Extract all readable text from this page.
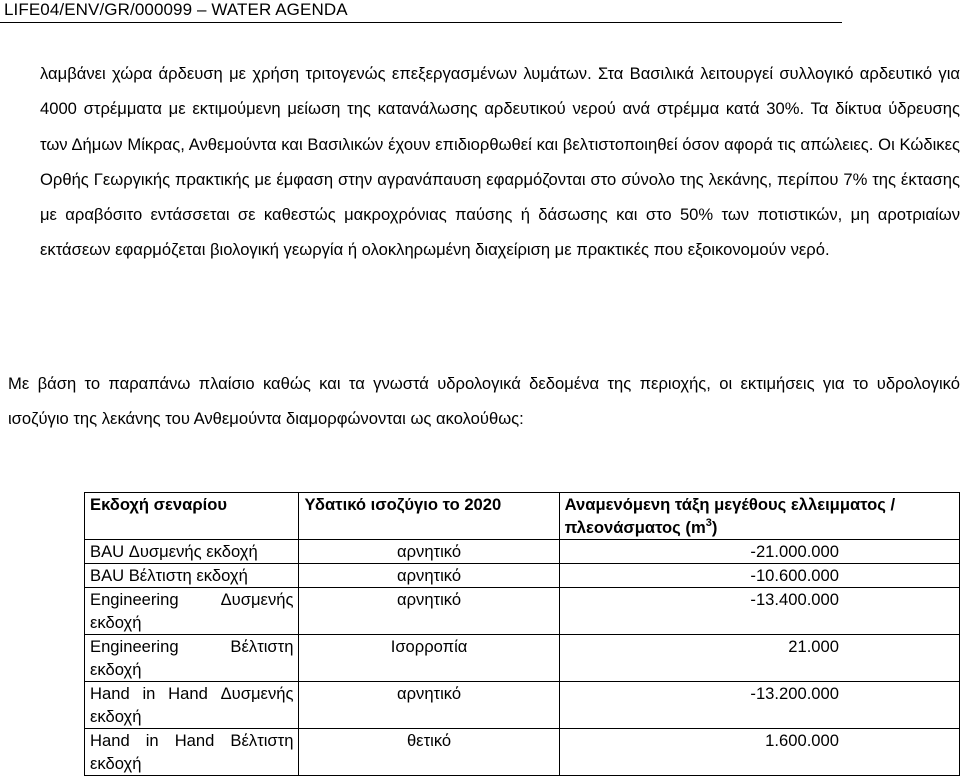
LIFE04/ENV/GR/000099 – WATER AGENDA

λαμβάνει χώρα άρδευση με χρήση τριτογενώς επεξεργασμένων λυμάτων. Στα Βασιλικά λειτουργεί συλλογικό αρδευτικό για 4000 στρέμματα με εκτιμούμενη μείωση της κατανάλωσης αρδευτικού νερού ανά στρέμμα κατά 30%. Τα δίκτυα ύδρευσης των Δήμων Μίκρας, Ανθεμούντα και Βασιλικών έχουν επιδιορθωθεί και βελτιστοποιηθεί όσον αφορά τις απώλειες. Οι Κώδικες Ορθής Γεωργικής πρακτικής με έμφαση στην αγρανάπαυση εφαρμόζονται στο σύνολο της λεκάνης, περίπου 7% της έκτασης με αραβόσιτο εντάσσεται σε καθεστώς μακροχρόνιας παύσης ή δάσωσης και στο 50% των ποτιστικών, μη αροτριαίων εκτάσεων εφαρμόζεται βιολογική γεωργία ή ολοκληρωμένη διαχείριση με πρακτικές που εξοικονομούν νερό.

Με βάση το παραπάνω πλαίσιο καθώς και τα γνωστά υδρολογικά δεδομένα της περιοχής, οι εκτιμήσεις για το υδρολογικό ισοζύγιο της λεκάνης του Ανθεμούντα διαμορφώνονται ως ακολούθως:

Εκδοχή σεναρίου	Υδατικό ισοζύγιο το 2020	Αναμενόμενη τάξη μεγέθους ελλειμματος / πλεονάσματος $(m^3)$
BAU Δυσμενής εκδοχή	αρνητικό	-21.000.000
BAU Βέλτιστη εκδοχή	αρνητικό	-10.600.000
Engineering Δυσμενής εκδοχή	αρνητικό	-13.400.000
Engineering Βέλτιστη εκδοχή	Ισορροπία	21.000
Hand in Hand Δυσμενής εκδοχή	αρνητικό	-13.200.000
Hand in Hand Βέλτιστη εκδοχή	θετικό	1.600.000
